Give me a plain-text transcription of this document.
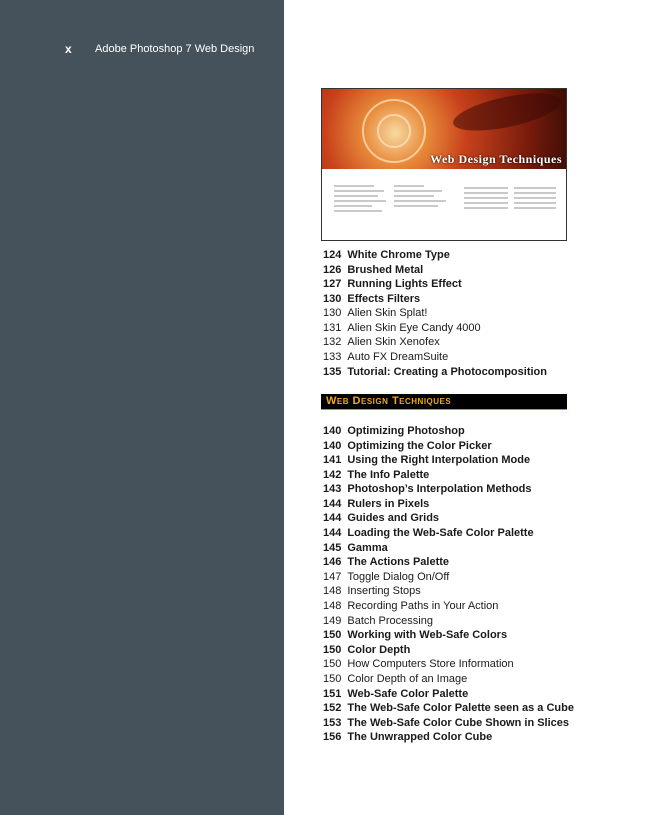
x Adobe Photoshop 7 Web Design
Web Design Techniques
124 White Chrome Type
126 Brushed Metal
127 Running Lights Effect
130 Effects Filters
130 Alien Skin Splat!
131 Alien Skin Eye Candy 4000
132 Alien Skin Xenofex
133 Auto FX DreamSuite
135 Tutorial: Creating a Photocomposition
Web Design Techniques
140 Optimizing Photoshop
140 Optimizing the Color Picker
141 Using the Right Interpolation Mode
142 The Info Palette
143 Photoshop’s Interpolation Methods
144 Rulers in Pixels
144 Guides and Grids
144 Loading the Web-Safe Color Palette
145 Gamma
146 The Actions Palette
147 Toggle Dialog On/Off
148 Inserting Stops
148 Recording Paths in Your Action
149 Batch Processing
150 Working with Web-Safe Colors
150 Color Depth
150 How Computers Store Information
150 Color Depth of an Image
151 Web-Safe Color Palette
152 The Web-Safe Color Palette seen as a Cube
153 The Web-Safe Color Cube Shown in Slices
156 The Unwrapped Color Cube
